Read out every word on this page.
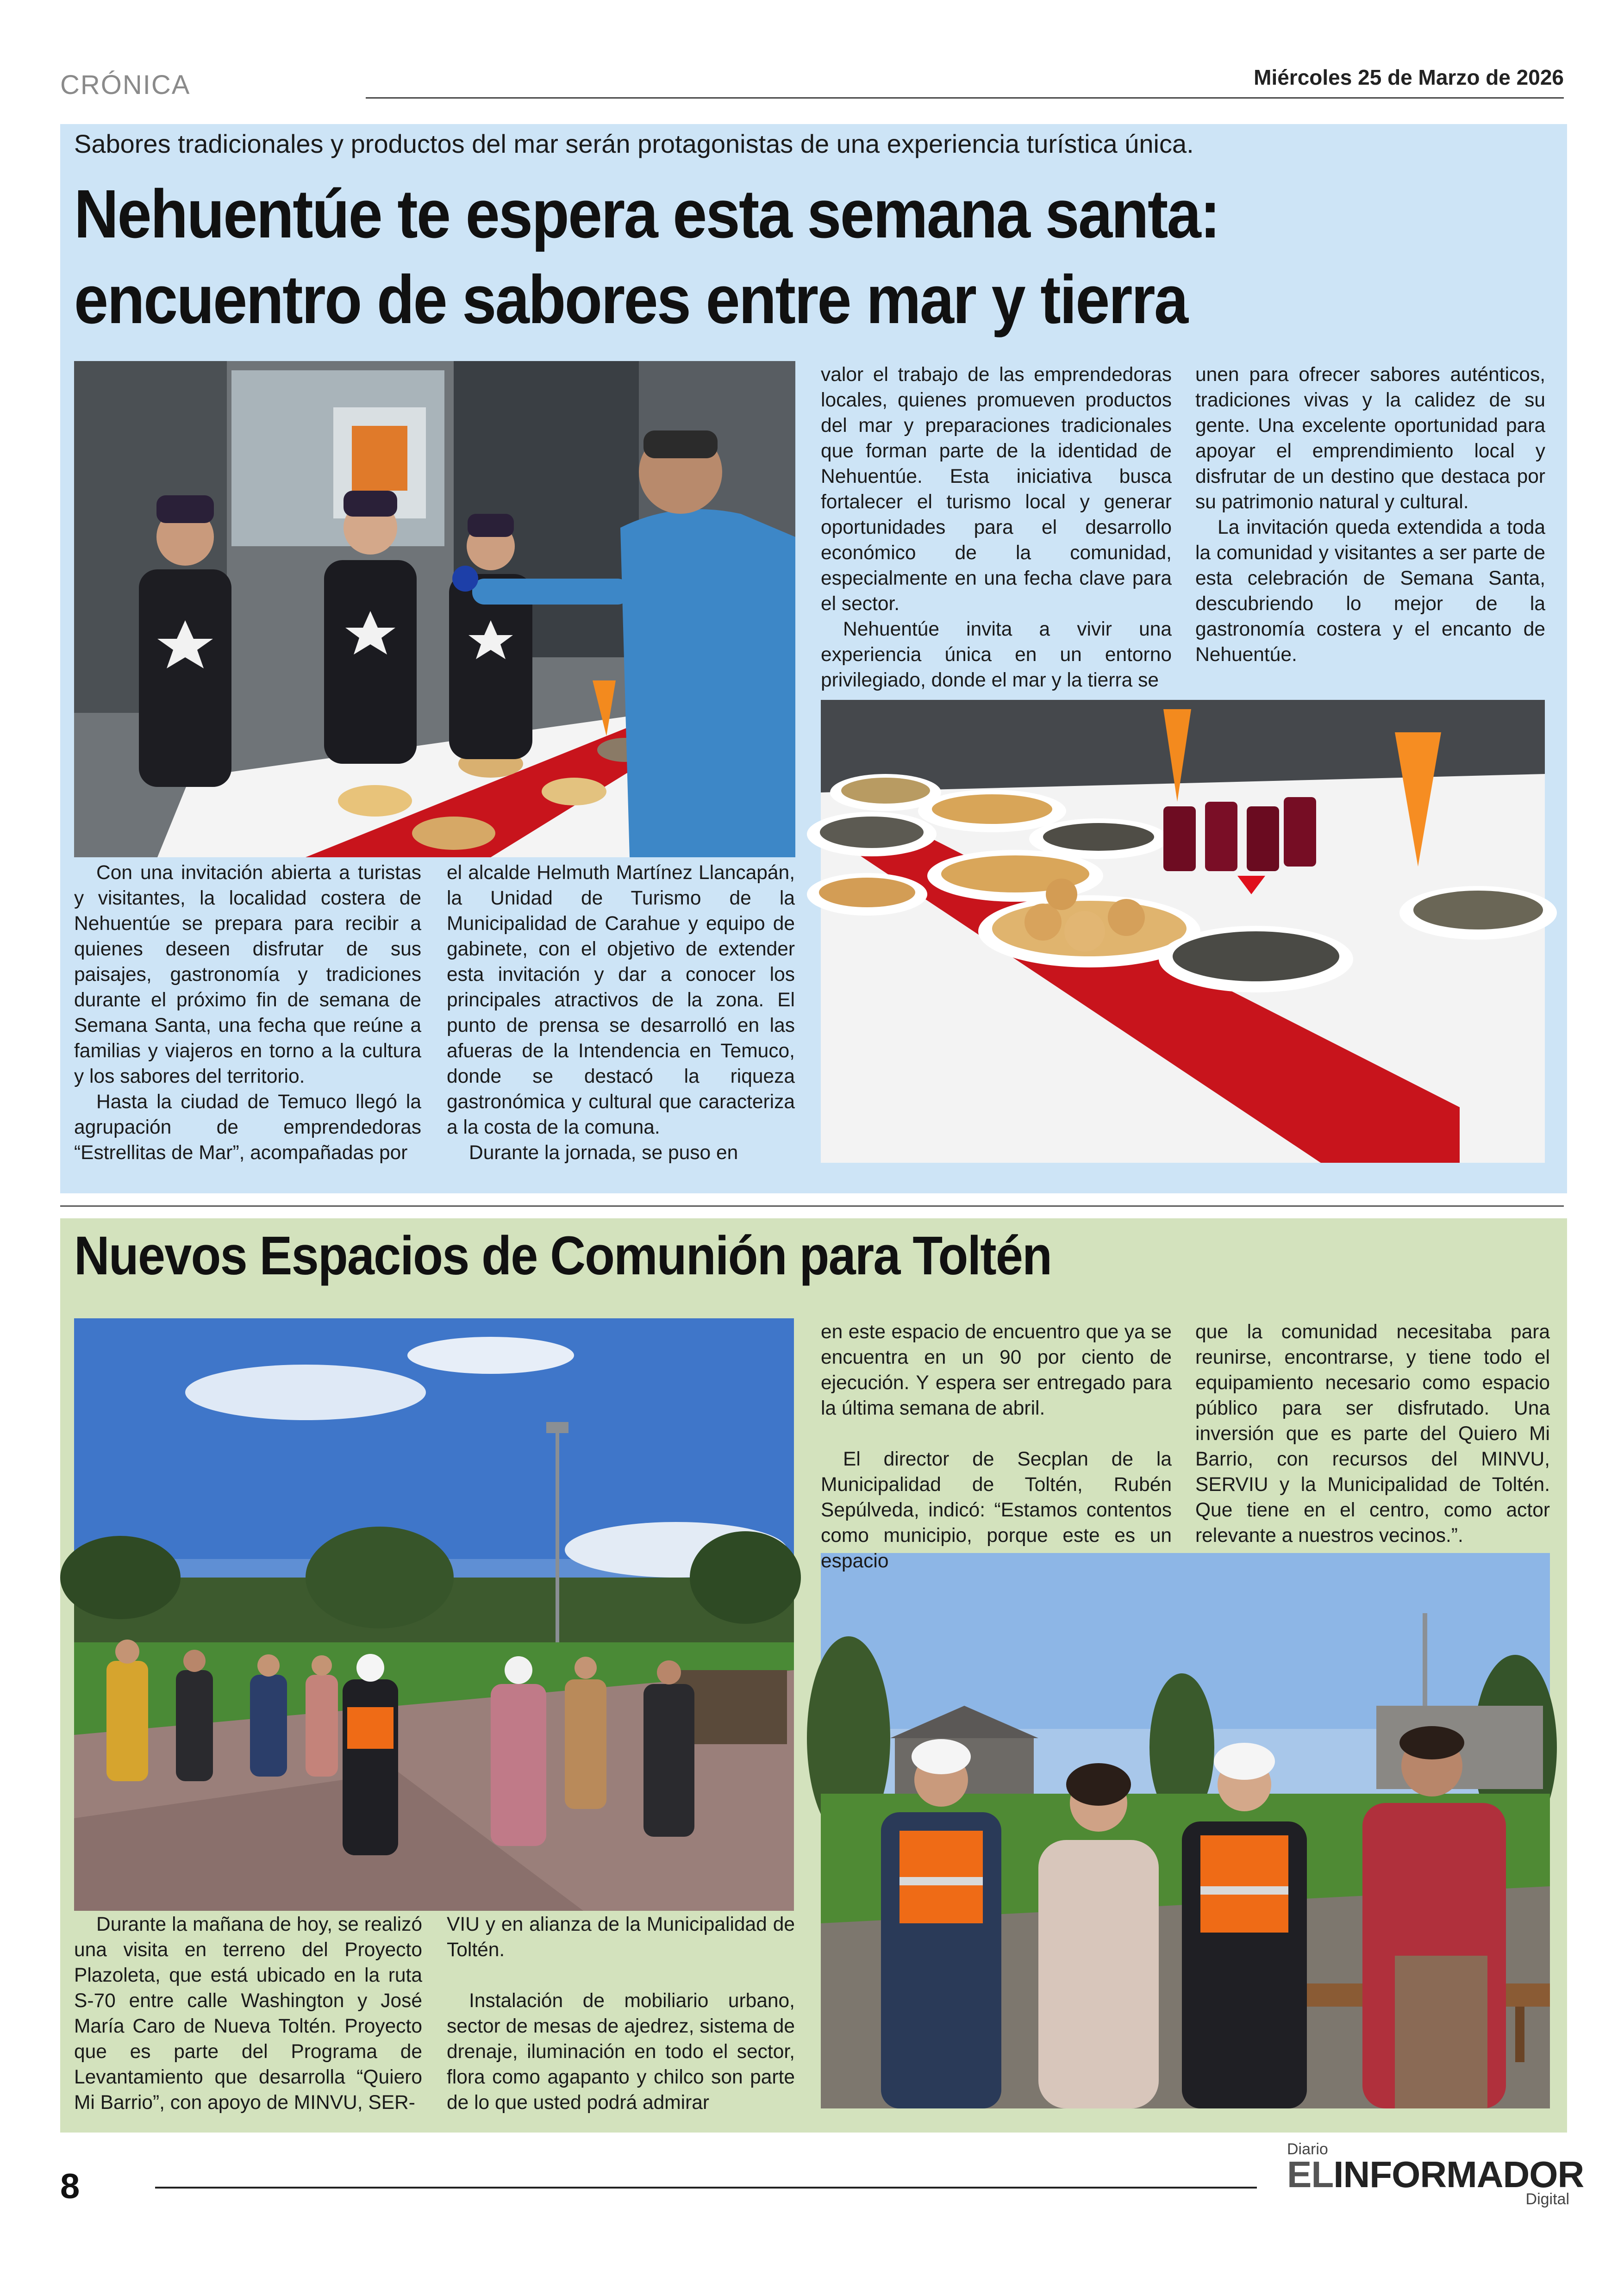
CRÓNICA	Miércoles 25 de Marzo de 2026
Sabores tradicionales y productos del mar serán protagonistas de una experiencia turística única.
Nehuentúe te espera esta semana santa: encuentro de sabores entre mar y tierra

Con una invitación abierta a turistas y visitantes, la localidad costera de Nehuentúe se prepara para recibir a quienes deseen disfrutar de sus paisajes, gastronomía y tradiciones durante el próximo fin de semana de Semana Santa, una fecha que reúne a familias y viajeros en torno a la cultura y los sabores del territorio.

Hasta la ciudad de Temuco llegó la agrupación de emprendedoras “Estrellitas de Mar”, acompañadas por

el alcalde Helmuth Martínez Llancapán, la Unidad de Turismo de la Municipalidad de Carahue y equipo de gabinete, con el objetivo de extender esta invitación y dar a conocer los principales atractivos de la zona. El punto de prensa se desarrolló en las afueras de la Intendencia en Temuco, donde se destacó la riqueza gastronómica y cultural que caracteriza a la costa de la comuna.

Durante la jornada, se puso en

valor el trabajo de las emprendedoras locales, quienes promueven productos del mar y preparaciones tradicionales que forman parte de la identidad de Nehuentúe. Esta iniciativa busca fortalecer el turismo local y generar oportunidades para el desarrollo económico de la comunidad, especialmente en una fecha clave para el sector.

Nehuentúe invita a vivir una experiencia única en un entorno privilegiado, donde el mar y la tierra se

unen para ofrecer sabores auténticos, tradiciones vivas y la calidez de su gente. Una excelente oportunidad para apoyar el emprendimiento local y disfrutar de un destino que destaca por su patrimonio natural y cultural.

La invitación queda extendida a toda la comunidad y visitantes a ser parte de esta celebración de Semana Santa, descubriendo lo mejor de la gastronomía costera y el encanto de Nehuentúe.

Nuevos Espacios de Comunión para Toltén

Durante la mañana de hoy, se realizó una visita en terreno del Proyecto Plazoleta, que está ubicado en la ruta S-70 entre calle Washington y José María Caro de Nueva Toltén. Proyecto que es parte del Programa de Levantamiento que desarrolla “Quiero Mi Barrio”, con apoyo de MINVU, SER-

VIU y en alianza de la Municipalidad de Toltén.

Instalación de mobiliario urbano, sector de mesas de ajedrez, sistema de drenaje, iluminación en todo el sector, flora como agapanto y chilco son parte de lo que usted podrá admirar

en este espacio de encuentro que ya se encuentra en un 90 por ciento de ejecución. Y espera ser entregado para la última semana de abril.

El director de Secplan de la Municipalidad de Toltén, Rubén Sepúlveda, indicó: “Estamos contentos como municipio, porque este es un espacio

que la comunidad necesitaba para reunirse, encontrarse, y tiene todo el equipamiento necesario como espacio público para ser disfrutado. Una inversión que es parte del Quiero Mi Barrio, con recursos del MINVU, SERVIU y la Municipalidad de Toltén. Que tiene en el centro, como actor relevante a nuestros vecinos.”.

8
Diario
ELINFORMADOR
Digital
